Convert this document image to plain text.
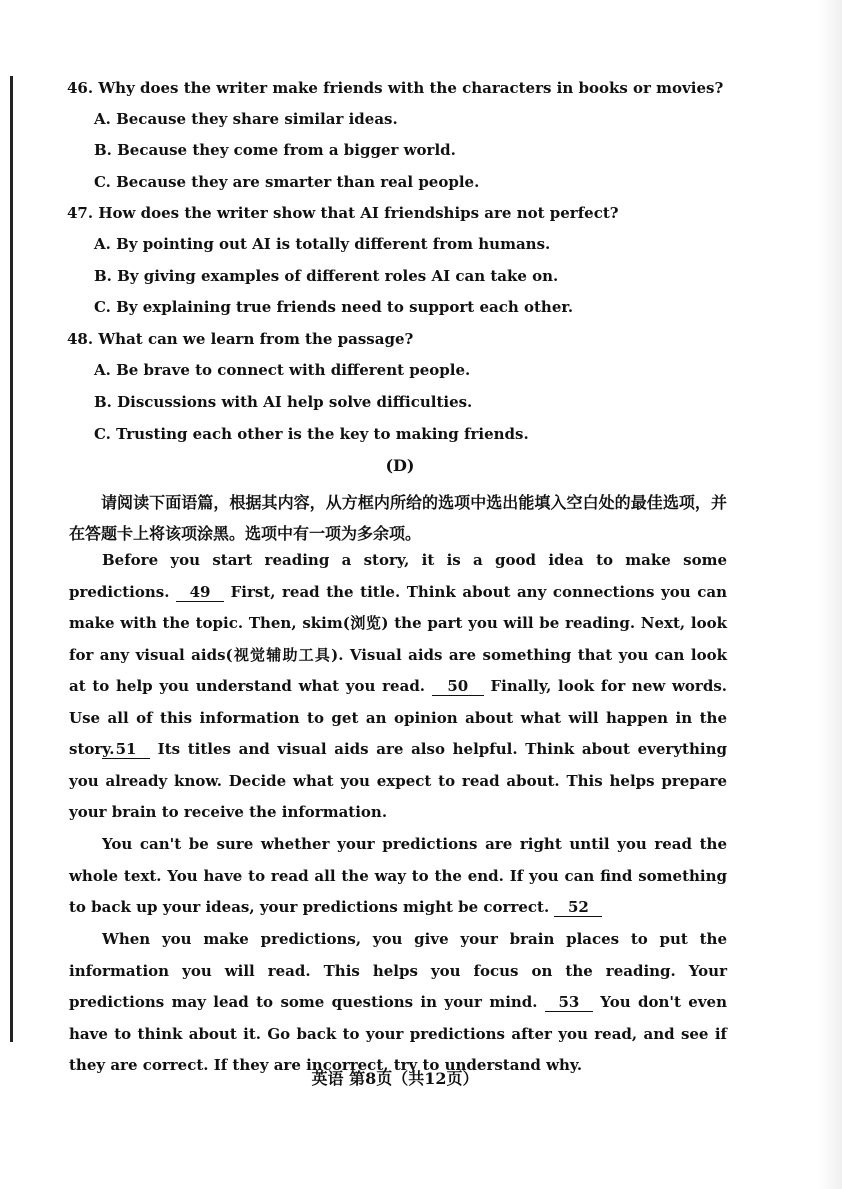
46. Why does the writer make friends with the characters in books or movies?
A. Because they share similar ideas.
B. Because they come from a bigger world.
C. Because they are smarter than real people.
47. How does the writer show that AI friendships are not perfect?
A. By pointing out AI is totally different from humans.
B. By giving examples of different roles AI can take on.
C. By explaining true friends need to support each other.
48. What can we learn from the passage?
A. Be brave to connect with different people.
B. Discussions with AI help solve difficulties.
C. Trusting each other is the key to making friends.
(D)
请阅读下面语篇，根据其内容，从方框内所给的选项中选出能填入空白处的最佳选项，并在答题卡上将该项涂黑。选项中有一项为多余项。
Before you start reading a story, it is a good idea to make some predictions. 49 First, read the title. Think about any connections you can make with the topic. Then, skim(浏览) the part you will be reading. Next, look for any visual aids(视觉辅助工具). Visual aids are something that you can look at to help you understand what you read. 50 Finally, look for new words. Use all of this information to get an opinion about what will happen in the story. 51 Its titles and visual aids are also helpful. Think about everything you already know. Decide what you expect to read about. This helps prepare your brain to receive the information.
You can't be sure whether your predictions are right until you read the whole text. You have to read all the way to the end. If you can find something to back up your ideas, your predictions might be correct. 52
When you make predictions, you give your brain places to put the information you will read. This helps you focus on the reading. Your predictions may lead to some questions in your mind. 53 You don't even have to think about it. Go back to your predictions after you read, and see if they are correct. If they are incorrect, try to understand why.
英语 第8页（共12页）
